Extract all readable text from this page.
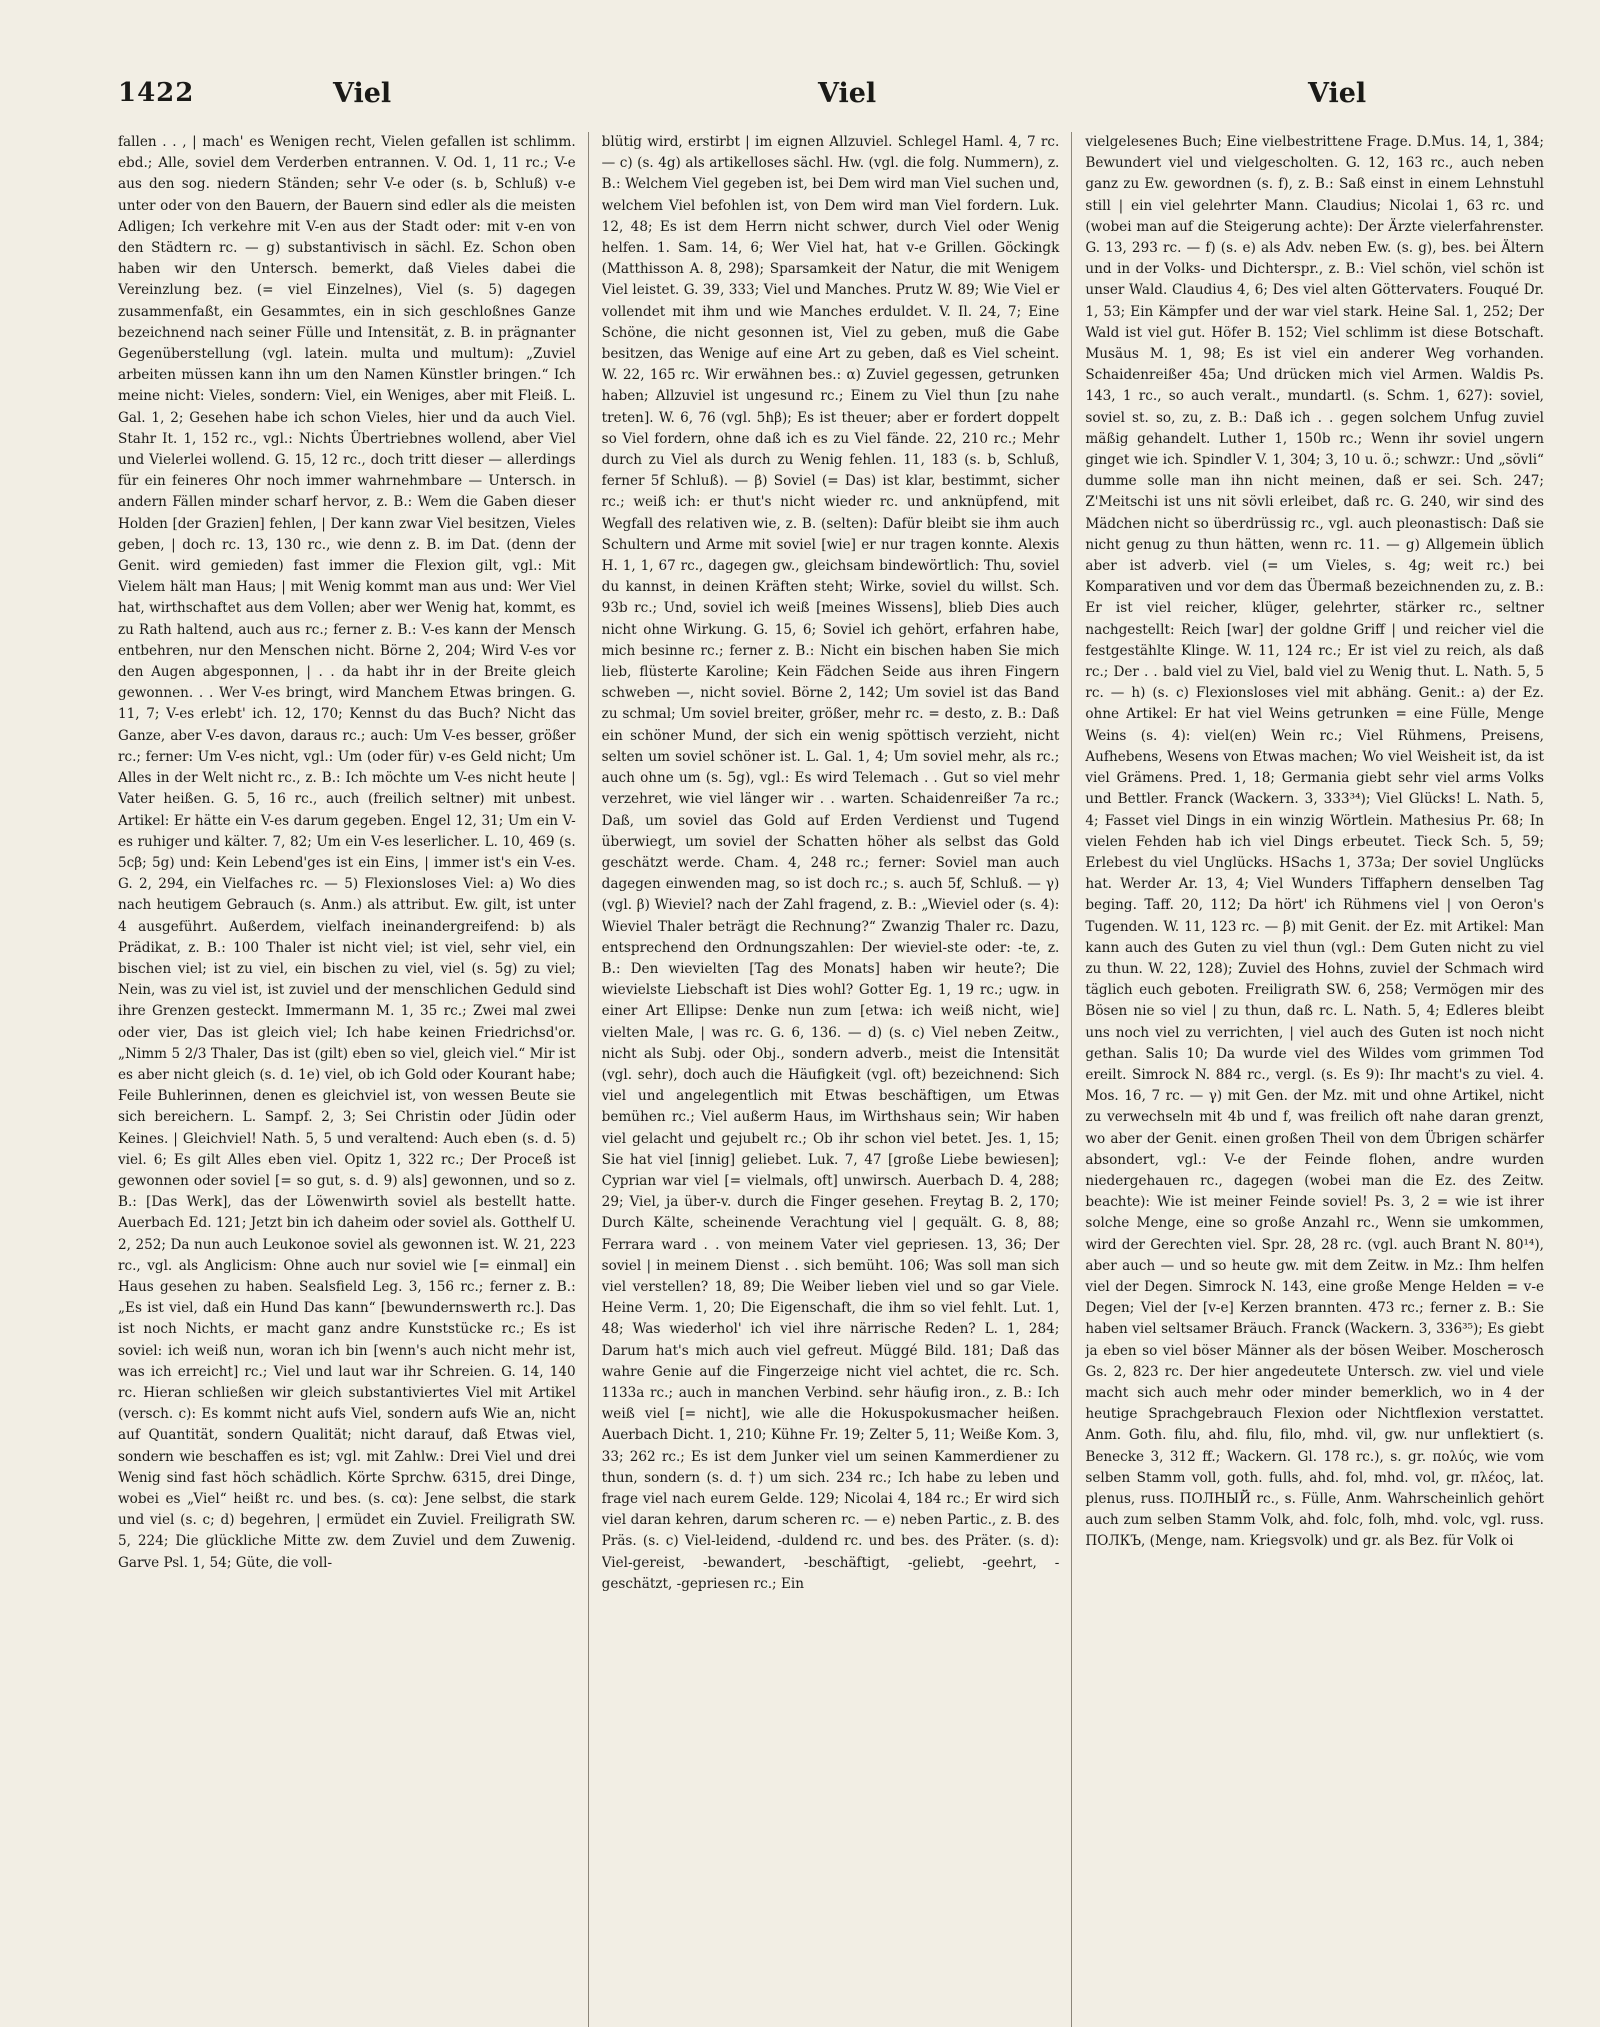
1422	Viel	Viel	Viel

fallen . . , | mach' es Wenigen recht, Vielen gefallen ist schlimm. ebd.; Alle, soviel dem Verderben entrannen. V. Od. 1, 11 rc.; V-e aus den sog. niedern Ständen; sehr V-e oder (s. b, Schluß) v-e unter oder von den Bauern, der Bauern sind edler als die meisten Adligen; Ich verkehre mit V-en aus der Stadt oder: mit v-en von den Städtern rc. — g) substantivisch in sächl. Ez. Schon oben haben wir den Untersch. bemerkt, daß Vieles dabei die Vereinzlung bez. (= viel Einzelnes), Viel (s. 5) dagegen zusammenfaßt, ein Gesammtes, ein in sich geschloßnes Ganze bezeichnend nach seiner Fülle und Intensität, z. B. in prägnanter Gegenüberstellung (vgl. latein. multa und multum): „Zuviel arbeiten müssen kann ihn um den Namen Künstler bringen.“ Ich meine nicht: Vieles, sondern: Viel, ein Weniges, aber mit Fleiß. L. Gal. 1, 2; Gesehen habe ich schon Vieles, hier und da auch Viel. Stahr It. 1, 152 rc., vgl.: Nichts Übertriebnes wollend, aber Viel und Vielerlei wollend. G. 15, 12 rc., doch tritt dieser — allerdings für ein feineres Ohr noch immer wahrnehmbare — Untersch. in andern Fällen minder scharf hervor, z. B.: Wem die Gaben dieser Holden [der Grazien] fehlen, | Der kann zwar Viel besitzen, Vieles geben, | doch rc. 13, 130 rc., wie denn z. B. im Dat. (denn der Genit. wird gemieden) fast immer die Flexion gilt, vgl.: Mit Vielem hält man Haus; | mit Wenig kommt man aus und: Wer Viel hat, wirthschaftet aus dem Vollen; aber wer Wenig hat, kommt, es zu Rath haltend, auch aus rc.; ferner z. B.: V-es kann der Mensch entbehren, nur den Menschen nicht. Börne 2, 204; Wird V-es vor den Augen abgesponnen, | . . da habt ihr in der Breite gleich gewonnen. . . Wer V-es bringt, wird Manchem Etwas bringen. G. 11, 7; V-es erlebt' ich. 12, 170; Kennst du das Buch? Nicht das Ganze, aber V-es davon, daraus rc.; auch: Um V-es besser, größer rc.; ferner: Um V-es nicht, vgl.: Um (oder für) v-es Geld nicht; Um Alles in der Welt nicht rc., z. B.: Ich möchte um V-es nicht heute | Vater heißen. G. 5, 16 rc., auch (freilich seltner) mit unbest. Artikel: Er hätte ein V-es darum gegeben. Engel 12, 31; Um ein V-es ruhiger und kälter. 7, 82; Um ein V-es leserlicher. L. 10, 469 (s. 5cβ; 5g) und: Kein Lebend'ges ist ein Eins, | immer ist's ein V-es. G. 2, 294, ein Vielfaches rc. — 5) Flexionsloses Viel: a) Wo dies nach heutigem Gebrauch (s. Anm.) als attribut. Ew. gilt, ist unter 4 ausgeführt. Außerdem, vielfach ineinandergreifend: b) als Prädikat, z. B.: 100 Thaler ist nicht viel; ist viel, sehr viel, ein bischen viel; ist zu viel, ein bischen zu viel, viel (s. 5g) zu viel; Nein, was zu viel ist, ist zuviel und der menschlichen Geduld sind ihre Grenzen gesteckt. Immermann M. 1, 35 rc.; Zwei mal zwei oder vier, Das ist gleich viel; Ich habe keinen Friedrichsd'or. „Nimm 5 2/3 Thaler, Das ist (gilt) eben so viel, gleich viel.“ Mir ist es aber nicht gleich (s. d. 1e) viel, ob ich Gold oder Kourant habe; Feile Buhlerinnen, denen es gleichviel ist, von wessen Beute sie sich bereichern. L. Sampf. 2, 3; Sei Christin oder Jüdin oder Keines. | Gleichviel! Nath. 5, 5 und veraltend: Auch eben (s. d. 5) viel. 6; Es gilt Alles eben viel. Opitz 1, 322 rc.; Der Proceß ist gewonnen oder soviel [= so gut, s. d. 9) als] gewonnen, und so z. B.: [Das Werk], das der Löwenwirth soviel als bestellt hatte. Auerbach Ed. 121; Jetzt bin ich daheim oder soviel als. Gotthelf U. 2, 252; Da nun auch Leukonoe soviel als gewonnen ist. W. 21, 223 rc., vgl. als Anglicism: Ohne auch nur soviel wie [= einmal] ein Haus gesehen zu haben. Sealsfield Leg. 3, 156 rc.; ferner z. B.: „Es ist viel, daß ein Hund Das kann“ [bewundernswerth rc.]. Das ist noch Nichts, er macht ganz andre Kunststücke rc.; Es ist soviel: ich weiß nun, woran ich bin [wenn's auch nicht mehr ist, was ich erreicht] rc.; Viel und laut war ihr Schreien. G. 14, 140 rc. Hieran schließen wir gleich substantiviertes Viel mit Artikel (versch. c): Es kommt nicht aufs Viel, sondern aufs Wie an, nicht auf Quantität, sondern Qualität; nicht darauf, daß Etwas viel, sondern wie beschaffen es ist; vgl. mit Zahlw.: Drei Viel und drei Wenig sind fast höch schädlich. Körte Sprchw. 6315, drei Dinge, wobei es „Viel“ heißt rc. und bes. (s. cα): Jene selbst, die stark und viel (s. c; d) begehren, | ermüdet ein Zuviel. Freiligrath SW. 5, 224; Die glückliche Mitte zw. dem Zuviel und dem Zuwenig. Garve Psl. 1, 54; Güte, die voll-

blütig wird, erstirbt | im eignen Allzuviel. Schlegel Haml. 4, 7 rc. — c) (s. 4g) als artikelloses sächl. Hw. (vgl. die folg. Nummern), z. B.: Welchem Viel gegeben ist, bei Dem wird man Viel suchen und, welchem Viel befohlen ist, von Dem wird man Viel fordern. Luk. 12, 48; Es ist dem Herrn nicht schwer, durch Viel oder Wenig helfen. 1. Sam. 14, 6; Wer Viel hat, hat v-e Grillen. Göckingk (Matthisson A. 8, 298); Sparsamkeit der Natur, die mit Wenigem Viel leistet. G. 39, 333; Viel und Manches. Prutz W. 89; Wie Viel er vollendet mit ihm und wie Manches erduldet. V. Il. 24, 7; Eine Schöne, die nicht gesonnen ist, Viel zu geben, muß die Gabe besitzen, das Wenige auf eine Art zu geben, daß es Viel scheint. W. 22, 165 rc. Wir erwähnen bes.: α) Zuviel gegessen, getrunken haben; Allzuviel ist ungesund rc.; Einem zu Viel thun [zu nahe treten]. W. 6, 76 (vgl. 5hβ); Es ist theuer; aber er fordert doppelt so Viel fordern, ohne daß ich es zu Viel fände. 22, 210 rc.; Mehr durch zu Viel als durch zu Wenig fehlen. 11, 183 (s. b, Schluß, ferner 5f Schluß). — β) Soviel (= Das) ist klar, bestimmt, sicher rc.; weiß ich: er thut's nicht wieder rc. und anknüpfend, mit Wegfall des relativen wie, z. B. (selten): Dafür bleibt sie ihm auch Schultern und Arme mit soviel [wie] er nur tragen konnte. Alexis H. 1, 1, 67 rc., dagegen gw., gleichsam bindewörtlich: Thu, soviel du kannst, in deinen Kräften steht; Wirke, soviel du willst. Sch. 93b rc.; Und, soviel ich weiß [meines Wissens], blieb Dies auch nicht ohne Wirkung. G. 15, 6; Soviel ich gehört, erfahren habe, mich besinne rc.; ferner z. B.: Nicht ein bischen haben Sie mich lieb, flüsterte Karoline; Kein Fädchen Seide aus ihren Fingern schweben —, nicht soviel. Börne 2, 142; Um soviel ist das Band zu schmal; Um soviel breiter, größer, mehr rc. = desto, z. B.: Daß ein schöner Mund, der sich ein wenig spöttisch verzieht, nicht selten um soviel schöner ist. L. Gal. 1, 4; Um soviel mehr, als rc.; auch ohne um (s. 5g), vgl.: Es wird Telemach . . Gut so viel mehr verzehret, wie viel länger wir . . warten. Schaidenreißer 7a rc.; Daß, um soviel das Gold auf Erden Verdienst und Tugend überwiegt, um soviel der Schatten höher als selbst das Gold geschätzt werde. Cham. 4, 248 rc.; ferner: Soviel man auch dagegen einwenden mag, so ist doch rc.; s. auch 5f, Schluß. — γ) (vgl. β) Wieviel? nach der Zahl fragend, z. B.: „Wieviel oder (s. 4): Wieviel Thaler beträgt die Rechnung?“ Zwanzig Thaler rc. Dazu, entsprechend den Ordnungszahlen: Der wieviel-ste oder: -te, z. B.: Den wievielten [Tag des Monats] haben wir heute?; Die wievielste Liebschaft ist Dies wohl? Gotter Eg. 1, 19 rc.; ugw. in einer Art Ellipse: Denke nun zum [etwa: ich weiß nicht, wie] vielten Male, | was rc. G. 6, 136. — d) (s. c) Viel neben Zeitw., nicht als Subj. oder Obj., sondern adverb., meist die Intensität (vgl. sehr), doch auch die Häufigkeit (vgl. oft) bezeichnend: Sich viel und angelegentlich mit Etwas beschäftigen, um Etwas bemühen rc.; Viel außerm Haus, im Wirthshaus sein; Wir haben viel gelacht und gejubelt rc.; Ob ihr schon viel betet. Jes. 1, 15; Sie hat viel [innig] geliebet. Luk. 7, 47 [große Liebe bewiesen]; Cyprian war viel [= vielmals, oft] unwirsch. Auerbach D. 4, 288; 29; Viel, ja über-v. durch die Finger gesehen. Freytag B. 2, 170; Durch Kälte, scheinende Verachtung viel | gequält. G. 8, 88; Ferrara ward . . von meinem Vater viel gepriesen. 13, 36; Der soviel | in meinem Dienst . . sich bemüht. 106; Was soll man sich viel verstellen? 18, 89; Die Weiber lieben viel und so gar Viele. Heine Verm. 1, 20; Die Eigenschaft, die ihm so viel fehlt. Lut. 1, 48; Was wiederhol' ich viel ihre närrische Reden? L. 1, 284; Darum hat's mich auch viel gefreut. Müggé Bild. 181; Daß das wahre Genie auf die Fingerzeige nicht viel achtet, die rc. Sch. 1133a rc.; auch in manchen Verbind. sehr häufig iron., z. B.: Ich weiß viel [= nicht], wie alle die Hokuspokusmacher heißen. Auerbach Dicht. 1, 210; Kühne Fr. 19; Zelter 5, 11; Weiße Kom. 3, 33; 262 rc.; Es ist dem Junker viel um seinen Kammerdiener zu thun, sondern (s. d. †) um sich. 234 rc.; Ich habe zu leben und frage viel nach eurem Gelde. 129; Nicolai 4, 184 rc.; Er wird sich viel daran kehren, darum scheren rc. — e) neben Partic., z. B. des Präs. (s. c) Viel-leidend, -duldend rc. und bes. des Präter. (s. d): Viel-gereist, -bewandert, -beschäftigt, -geliebt, -geehrt, -geschätzt, -gepriesen rc.; Ein

vielgelesenes Buch; Eine vielbestrittene Frage. D.Mus. 14, 1, 384; Bewundert viel und vielgescholten. G. 12, 163 rc., auch neben ganz zu Ew. gewordnen (s. f), z. B.: Saß einst in einem Lehnstuhl still | ein viel gelehrter Mann. Claudius; Nicolai 1, 63 rc. und (wobei man auf die Steigerung achte): Der Ärzte vielerfahrenster. G. 13, 293 rc. — f) (s. e) als Adv. neben Ew. (s. g), bes. bei Ältern und in der Volks- und Dichterspr., z. B.: Viel schön, viel schön ist unser Wald. Claudius 4, 6; Des viel alten Göttervaters. Fouqué Dr. 1, 53; Ein Kämpfer und der war viel stark. Heine Sal. 1, 252; Der Wald ist viel gut. Höfer B. 152; Viel schlimm ist diese Botschaft. Musäus M. 1, 98; Es ist viel ein anderer Weg vorhanden. Schaidenreißer 45a; Und drücken mich viel Armen. Waldis Ps. 143, 1 rc., so auch veralt., mundartl. (s. Schm. 1, 627): soviel, soviel st. so, zu, z. B.: Daß ich . . gegen solchem Unfug zuviel mäßig gehandelt. Luther 1, 150b rc.; Wenn ihr soviel ungern ginget wie ich. Spindler V. 1, 304; 3, 10 u. ö.; schwzr.: Und „sövli“ dumme solle man ihn nicht meinen, daß er sei. Sch. 247; Z'Meitschi ist uns nit sövli erleibet, daß rc. G. 240, wir sind des Mädchen nicht so überdrüssig rc., vgl. auch pleonastisch: Daß sie nicht genug zu thun hätten, wenn rc. 11. — g) Allgemein üblich aber ist adverb. viel (= um Vieles, s. 4g; weit rc.) bei Komparativen und vor dem das Übermaß bezeichnenden zu, z. B.: Er ist viel reicher, klüger, gelehrter, stärker rc., seltner nachgestellt: Reich [war] der goldne Griff | und reicher viel die festgestählte Klinge. W. 11, 124 rc.; Er ist viel zu reich, als daß rc.; Der . . bald viel zu Viel, bald viel zu Wenig thut. L. Nath. 5, 5 rc. — h) (s. c) Flexionsloses viel mit abhäng. Genit.: a) der Ez. ohne Artikel: Er hat viel Weins getrunken = eine Fülle, Menge Weins (s. 4): viel(en) Wein rc.; Viel Rühmens, Preisens, Aufhebens, Wesens von Etwas machen; Wo viel Weisheit ist, da ist viel Grämens. Pred. 1, 18; Germania giebt sehr viel arms Volks und Bettler. Franck (Wackern. 3, 333³⁴); Viel Glücks! L. Nath. 5, 4; Fasset viel Dings in ein winzig Wörtlein. Mathesius Pr. 68; In vielen Fehden hab ich viel Dings erbeutet. Tieck Sch. 5, 59; Erlebest du viel Unglücks. HSachs 1, 373a; Der soviel Unglücks hat. Werder Ar. 13, 4; Viel Wunders Tiffaphern denselben Tag beging. Taff. 20, 112; Da hört' ich Rühmens viel | von Oeron's Tugenden. W. 11, 123 rc. — β) mit Genit. der Ez. mit Artikel: Man kann auch des Guten zu viel thun (vgl.: Dem Guten nicht zu viel zu thun. W. 22, 128); Zuviel des Hohns, zuviel der Schmach wird täglich euch geboten. Freiligrath SW. 6, 258; Vermögen mir des Bösen nie so viel | zu thun, daß rc. L. Nath. 5, 4; Edleres bleibt uns noch viel zu verrichten, | viel auch des Guten ist noch nicht gethan. Salis 10; Da wurde viel des Wildes vom grimmen Tod ereilt. Simrock N. 884 rc., vergl. (s. Es 9): Ihr macht's zu viel. 4. Mos. 16, 7 rc. — γ) mit Gen. der Mz. mit und ohne Artikel, nicht zu verwechseln mit 4b und f, was freilich oft nahe daran grenzt, wo aber der Genit. einen großen Theil von dem Übrigen schärfer absondert, vgl.: V-e der Feinde flohen, andre wurden niedergehauen rc., dagegen (wobei man die Ez. des Zeitw. beachte): Wie ist meiner Feinde soviel! Ps. 3, 2 = wie ist ihrer solche Menge, eine so große Anzahl rc., Wenn sie umkommen, wird der Gerechten viel. Spr. 28, 28 rc. (vgl. auch Brant N. 80¹⁴), aber auch — und so heute gw. mit dem Zeitw. in Mz.: Ihm helfen viel der Degen. Simrock N. 143, eine große Menge Helden = v-e Degen; Viel der [v-e] Kerzen brannten. 473 rc.; ferner z. B.: Sie haben viel seltsamer Bräuch. Franck (Wackern. 3, 336³⁵); Es giebt ja eben so viel böser Männer als der bösen Weiber. Moscherosch Gs. 2, 823 rc. Der hier angedeutete Untersch. zw. viel und viele macht sich auch mehr oder minder bemerklich, wo in 4 der heutige Sprachgebrauch Flexion oder Nichtflexion verstattet. Anm. Goth. filu, ahd. filu, filo, mhd. vil, gw. nur unflektiert (s. Benecke 3, 312 ff.; Wackern. Gl. 178 rc.), s. gr. πολύς, wie vom selben Stamm voll, goth. fulls, ahd. fol, mhd. vol, gr. πλέος, lat. plenus, russ. ПОЛНЫЙ rc., s. Fülle, Anm. Wahrscheinlich gehört auch zum selben Stamm Volk, ahd. folc, folh, mhd. volc, vgl. russ. ПОЛКЪ, (Menge, nam. Kriegsvolk) und gr. als Bez. für Volk oi
